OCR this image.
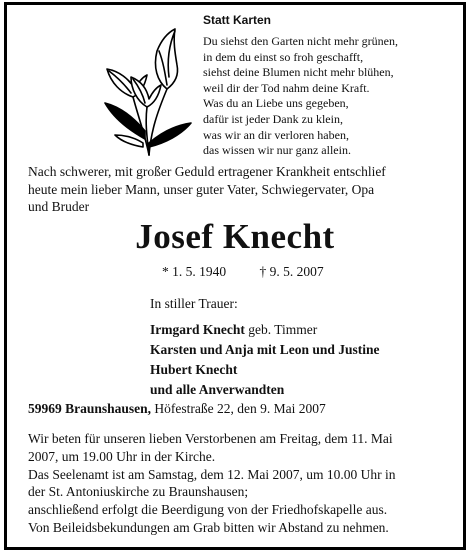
Statt Karten
Du siehst den Garten nicht mehr grünen,
in dem du einst so froh geschafft,
siehst deine Blumen nicht mehr blühen,
weil dir der Tod nahm deine Kraft.
Was du an Liebe uns gegeben,
dafür ist jeder Dank zu klein,
was wir an dir verloren haben,
das wissen wir nur ganz allein.
Nach schwerer, mit großer Geduld ertragener Krankheit entschlief
heute mein lieber Mann, unser guter Vater, Schwiegervater, Opa
und Bruder
Josef Knecht
* 1. 5. 1940 † 9. 5. 2007
In stiller Trauer:
Irmgard Knecht geb. Timmer
Karsten und Anja mit Leon und Justine
Hubert Knecht
und alle Anverwandten
59969 Braunshausen, Höfestraße 22, den 9. Mai 2007
Wir beten für unseren lieben Verstorbenen am Freitag, dem 11. Mai
2007, um 19.00 Uhr in der Kirche.
Das Seelenamt ist am Samstag, dem 12. Mai 2007, um 10.00 Uhr in
der St. Antoniuskirche zu Braunshausen;
anschließend erfolgt die Beerdigung von der Friedhofskapelle aus.
Von Beileidsbekundungen am Grab bitten wir Abstand zu nehmen.
